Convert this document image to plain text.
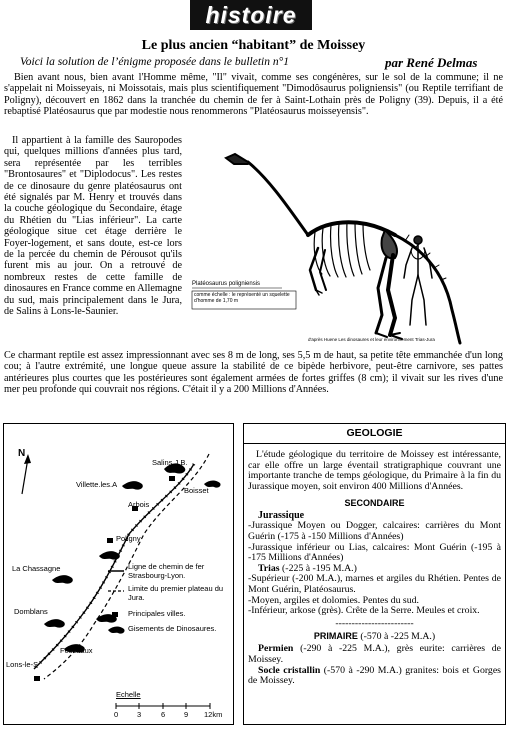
histoire
Le plus ancien “habitant” de Moissey
Voici la solution de l’énigme proposée dans le bulletin n°1	par René Delmas

Bien avant nous, bien avant l'Homme même, "Il" vivait, comme ses congénères, sur le sol de la commune; il ne s'appelait ni Moisseyais, ni Moissotais, mais plus scientifiquement "Dimodôsaurus poligniensis" (ou Reptile terrifiant de Poligny), découvert en 1862 dans la tranchée du chemin de fer à Saint-Lothain près de Poligny (39). Depuis, il a été rebaptisé Platéosaurus que par modestie nous renommerons "Platéosaurus moisseyensis".

Il appartient à la famille des Sauropodes qui, quelques millions d'années plus tard, sera représentée par les terribles "Brontosaures" et "Diplodocus". Les restes de ce dinosaure du genre platéosaurus ont été signalés par M. Henry et trouvés dans la couche géologique du Secondaire, étage du Rhétien du "Lias inférieur". La carte géologique situe cet étage derrière le Foyer-logement, et sans doute, est-ce lors de la percée du chemin de Pérousot qu'ils furent mis au jour. On a retrouvé de nombreux restes de cette famille de dinosaures en France comme en Allemagne du sud, mais principalement dans le Jura, de Salins à Lons-le-Saunier.

Platéosaurus poligniensis
comme échelle : le représenté un squelette d'homme de 1,70 m
d'après Huene Les dinosaures et leur environnement Trias-Jura

Ce charmant reptile est assez impressionnant avec ses 8 m de long, ses 5,5 m de haut, sa petite tête emmanchée d'un long cou; à l'autre extrémité, une longue queue assure la stabilité de ce bipède herbivore, peut-être carnivore, ses pattes antérieures plus courtes que les postérieures sont également armées de fortes griffes (8 cm); il vivait sur les rives d'une mer peu profonde qui couvrait nos régions. C'était il y a 200 Millions d'Années.

N
Salins J.B.
Villette.les.A
Arbois
Boisset
Poligny
La Chassagne
Domblans
Lons-le-S
Feschaux
Ligne de chemin de fer Strasbourg-Lyon.
Limite du premier plateau du Jura.
Principales villes.
Gisements de Dinosaures.
Echelle
0	3	6	9 12km
GEOLOGIE

L'étude géologique du territoire de Moissey est intéressante, car elle offre un large éventail stratigraphique couvrant une importante tranche de temps géologique, du Primaire à la fin du Jurassique moyen, soit environ 400 Millions d'Années.

SECONDAIRE
Jurassique

-Jurassique Moyen ou Dogger, calcaires: carrières du Mont Guérin (-175 à -150 Millions d'Années)

-Jurassique inférieur ou Lias, calcaires: Mont Guérin (-195 à -175 Millions d'Années)

Trias (-225 à -195 M.A.)

-Supérieur (-200 M.A.), marnes et argiles du Rhétien. Pentes de Mont Guérin, Platéosaurus.

-Moyen, argiles et dolomies. Pentes du sud.

-Inférieur, arkose (grès). Crête de la Serre. Meules et croix.

------------------------

PRIMAIRE (-570 à -225 M.A.)

Permien (-290 à -225 M.A.), grès eurite: carrières de Moissey.

Socle cristallin (-570 à -290 M.A.) granites: bois et Gorges de Moissey.
